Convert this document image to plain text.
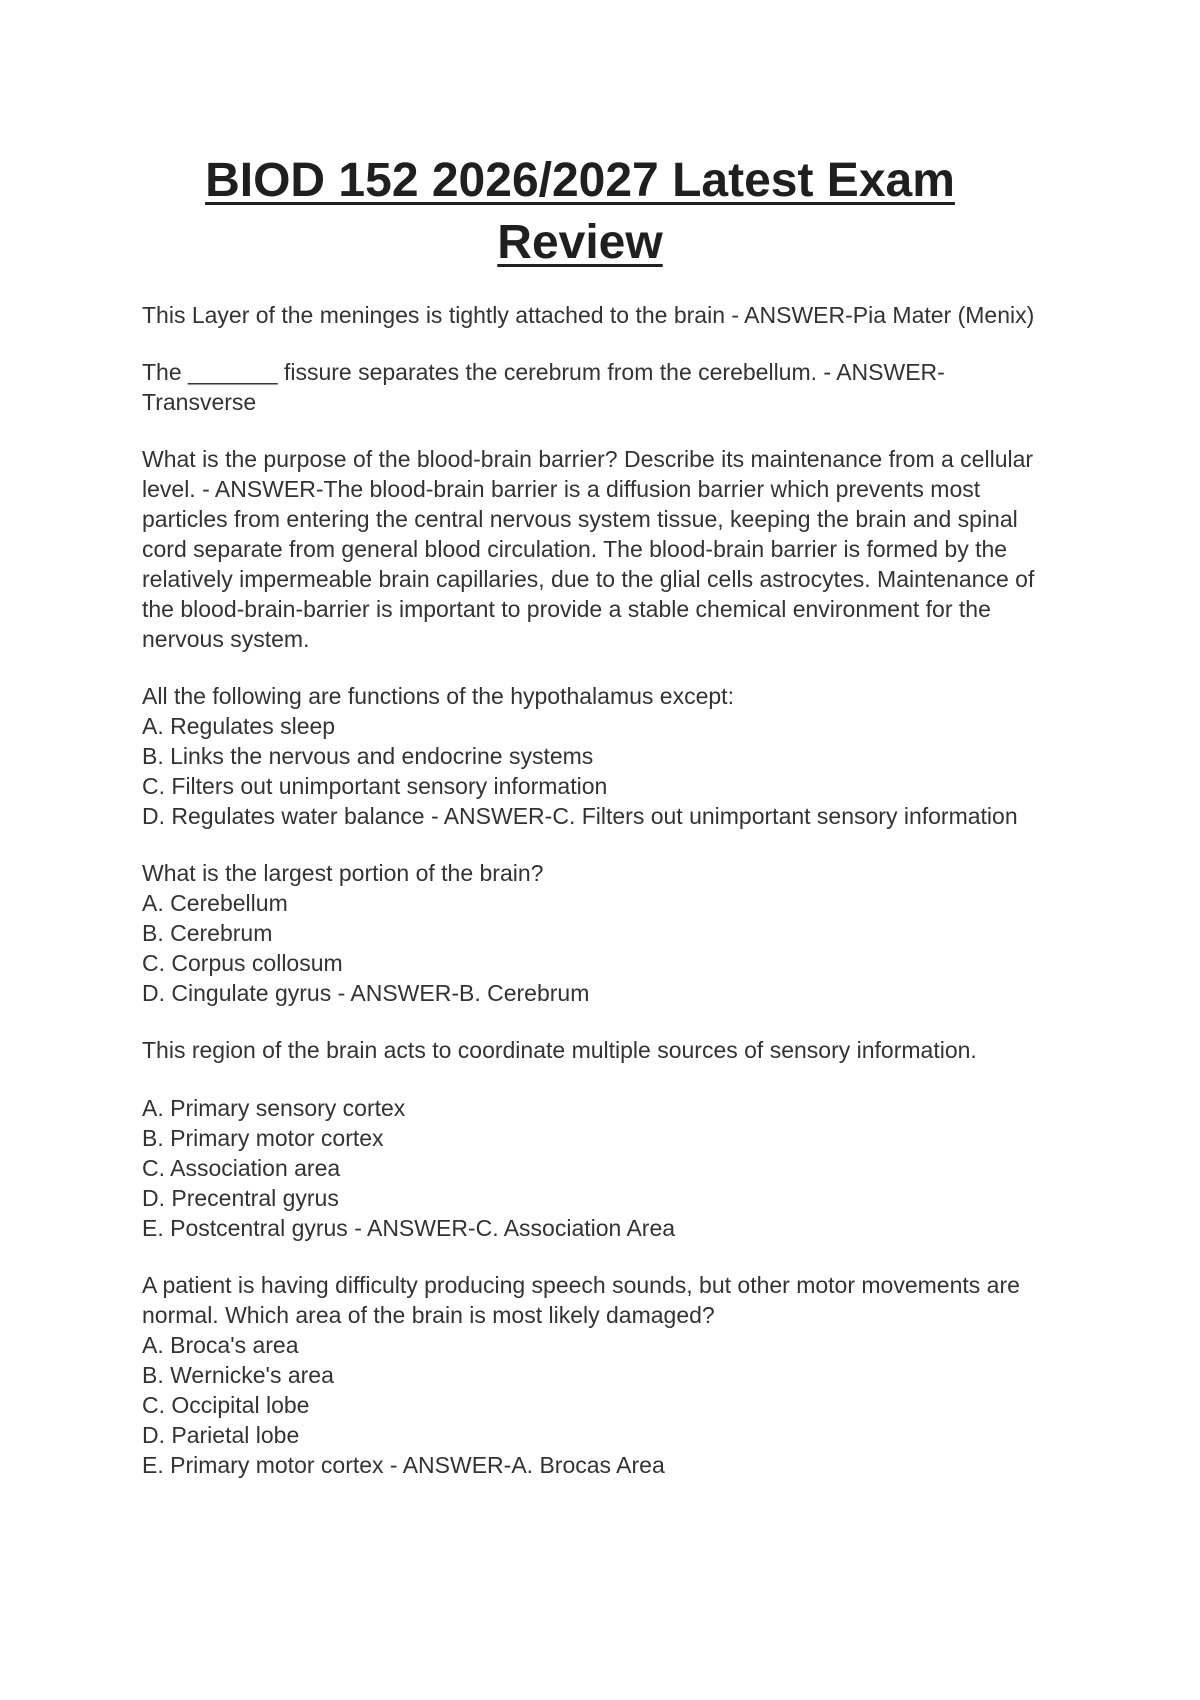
BIOD 152 2026/2027 Latest Exam
Review
This Layer of the meninges is tightly attached to the brain - ANSWER-Pia Mater (Menix)
The _______ fissure separates the cerebrum from the cerebellum. - ANSWER-
Transverse
What is the purpose of the blood-brain barrier? Describe its maintenance from a cellular
level. - ANSWER-The blood-brain barrier is a diffusion barrier which prevents most
particles from entering the central nervous system tissue, keeping the brain and spinal
cord separate from general blood circulation. The blood-brain barrier is formed by the
relatively impermeable brain capillaries, due to the glial cells astrocytes. Maintenance of
the blood-brain-barrier is important to provide a stable chemical environment for the
nervous system.
All the following are functions of the hypothalamus except:
A. Regulates sleep
B. Links the nervous and endocrine systems
C. Filters out unimportant sensory information
D. Regulates water balance - ANSWER-C. Filters out unimportant sensory information
What is the largest portion of the brain?
A. Cerebellum
B. Cerebrum
C. Corpus collosum
D. Cingulate gyrus - ANSWER-B. Cerebrum
This region of the brain acts to coordinate multiple sources of sensory information.
A. Primary sensory cortex
B. Primary motor cortex
C. Association area
D. Precentral gyrus
E. Postcentral gyrus - ANSWER-C. Association Area
A patient is having difficulty producing speech sounds, but other motor movements are
normal. Which area of the brain is most likely damaged?
A. Broca's area
B. Wernicke's area
C. Occipital lobe
D. Parietal lobe
E. Primary motor cortex - ANSWER-A. Brocas Area
